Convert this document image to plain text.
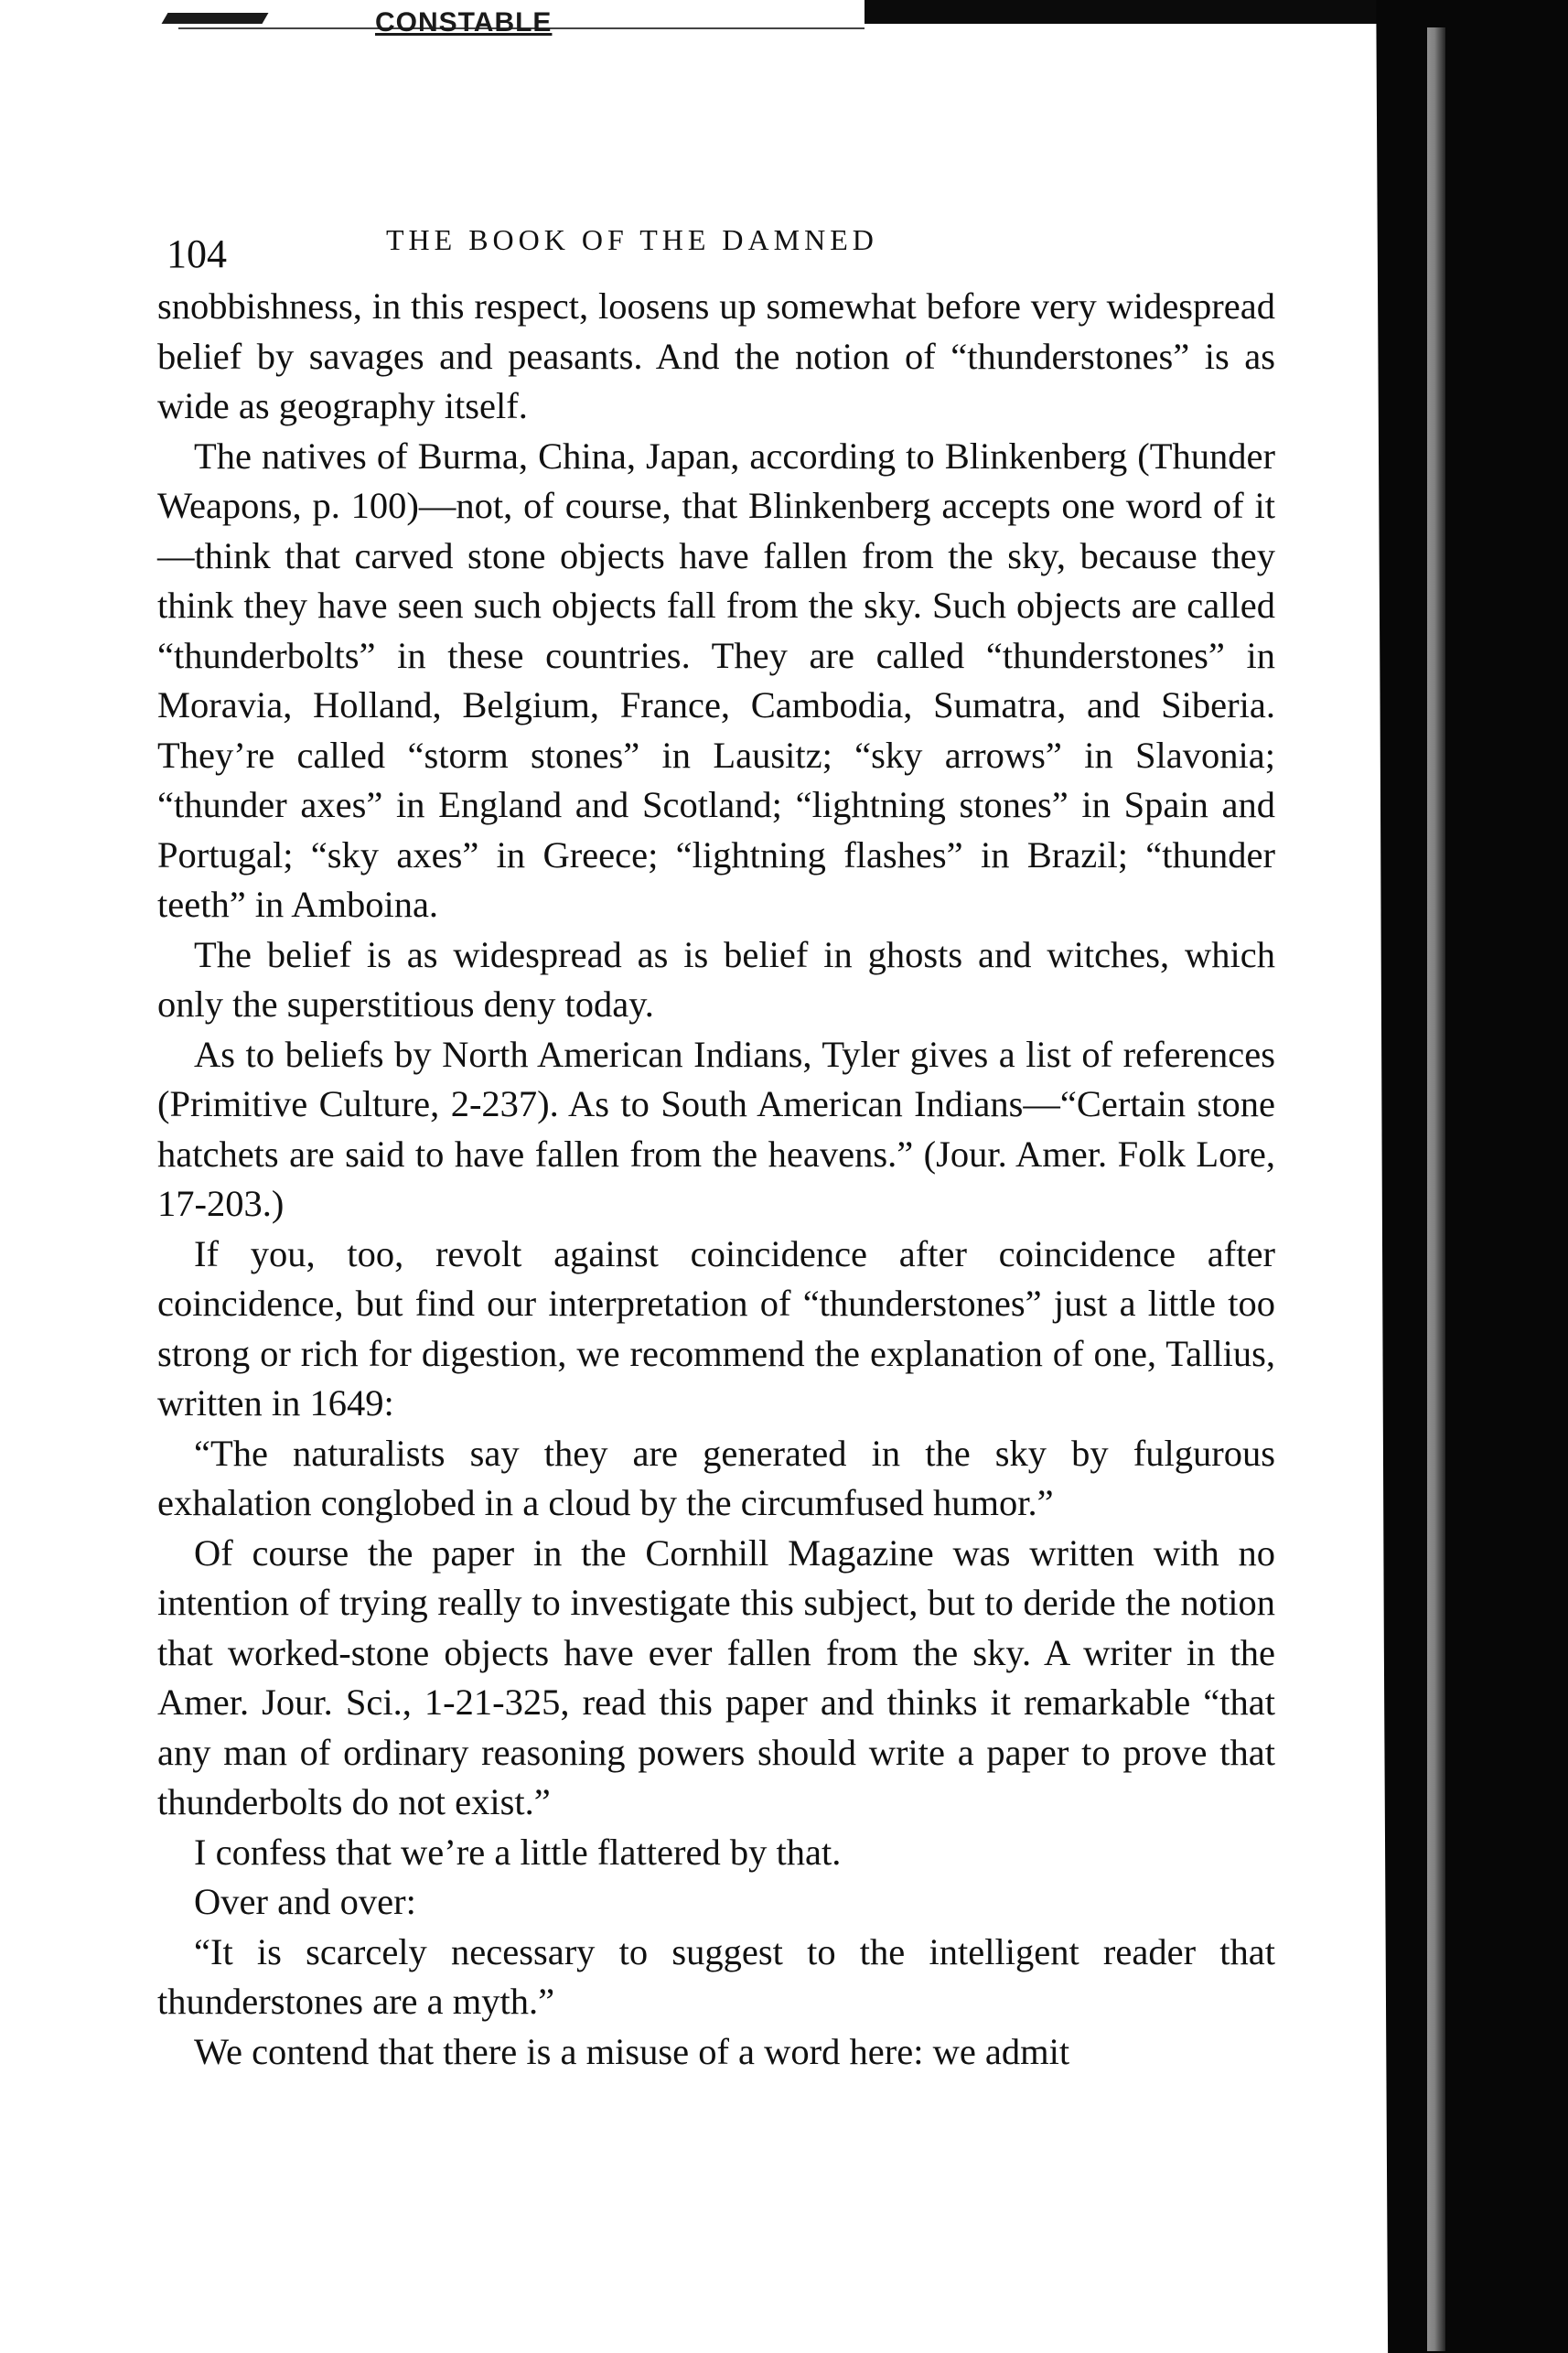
CONSTABLE
104	THE BOOK OF THE DAMNED

snobbishness, in this respect, loosens up somewhat before very widespread belief by savages and peasants. And the notion of “thunderstones” is as wide as geography itself.

The natives of Burma, China, Japan, according to Blinkenberg (Thunder Weapons, p. 100)—not, of course, that Blinkenberg accepts one word of it—think that carved stone objects have fallen from the sky, because they think they have seen such objects fall from the sky. Such objects are called “thunderbolts” in these countries. They are called “thunderstones” in Moravia, Holland, Belgium, France, Cambodia, Sumatra, and Siberia. They’re called “storm stones” in Lausitz; “sky arrows” in Slavonia; “thunder axes” in England and Scotland; “lightning stones” in Spain and Portugal; “sky axes” in Greece; “lightning flashes” in Brazil; “thunder teeth” in Amboina.

The belief is as widespread as is belief in ghosts and witches, which only the superstitious deny today.

As to beliefs by North American Indians, Tyler gives a list of references (Primitive Culture, 2-237). As to South American Indians—“Certain stone hatchets are said to have fallen from the heavens.” (Jour. Amer. Folk Lore, 17-203.)

If you, too, revolt against coincidence after coincidence after coincidence, but find our interpretation of “thunderstones” just a little too strong or rich for digestion, we recommend the explanation of one, Tallius, written in 1649:

“The naturalists say they are generated in the sky by fulgurous exhalation conglobed in a cloud by the circumfused humor.”

Of course the paper in the Cornhill Magazine was written with no intention of trying really to investigate this subject, but to deride the notion that worked-stone objects have ever fallen from the sky. A writer in the Amer. Jour. Sci., 1-21-325, read this paper and thinks it remarkable “that any man of ordinary reasoning powers should write a paper to prove that thunderbolts do not exist.”

I confess that we’re a little flattered by that.

Over and over:

“It is scarcely necessary to suggest to the intelligent reader that thunderstones are a myth.”

We contend that there is a misuse of a word here: we admit
